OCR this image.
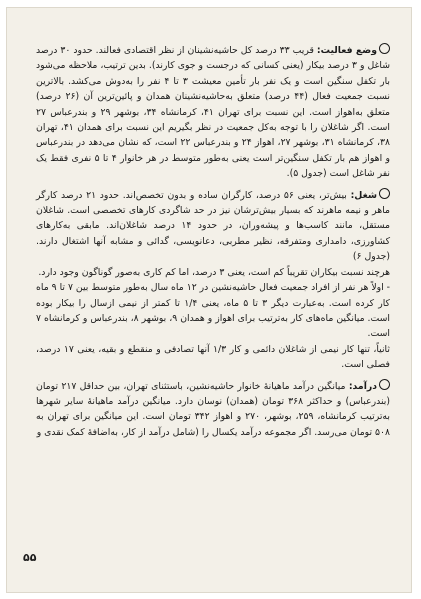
وضع فعالیت: قریب ۳۳ درصد کل حاشیه‌نشینان از نظر اقتصادی فعالند. حدود ۳۰ درصد شاغل و ۳ درصد بیکار (یعنی کسانی که درجست و جوی کارند). بدین ترتیب، ملاحظه می‌شود بار تکفل سنگین است و یک نفر بار تأمین معیشت ۳ تا ۴ نفر را به‌دوش می‌کشد. بالاترین نسبت جمعیت فعال (۴۴ درصد) متعلق به‌حاشیه‌نشینان همدان و پائین‌ترین آن (۲۶ درصد) متعلق به‌اهواز است. این نسبت برای تهران ۴۱، کرمانشاه ۳۴، بوشهر ۲۹ و بندرعباس ۲۷ است. اگر شاغلان را با توجه به‌کل جمعیت در نظر بگیریم این نسبت برای همدان ۴۱، تهران ۳۸، کرمانشاه ۳۱، بوشهر ۲۷، اهواز ۲۴ و بندرعباس ۲۲ است، که نشان می‌دهد در بندرعباس و اهواز هم بار تکفل سنگین‌تر است یعنی به‌طور متوسط در هر خانوار ۴ تا ۵ نفری فقط یک نفر شاغل است (جدول ۵).

شغل: بیش‌تر، یعنی ۵۶ درصد، کارگران ساده و بدون تخصص‌اند. حدود ۲۱ درصد کارگر ماهر و نیمه ماهرند که بسیار بیش‌ترشان نیز در حد شاگردی کارهای تخصصی است. شاغلان مستقل، مانند کاسب‌ها و پیشه‌وران، در حدود ۱۴ درصد شاغلان‌اند. مابقی به‌کارهای کشاورزی، دامداری ومتفرقه، نظیر مطربی، دعانویسی، گدائی و مشابه آنها اشتغال دارند. (جدول ۶)

هرچند نسبت بیکاران تقریباً کم است، یعنی ۳ درصد، اما کم کاری به‌صور گوناگون وجود دارد.

- اولاً هر نفر از افراد جمعیت فعال حاشیه‌نشین در ۱۲ ماه سال به‌طور متوسط بین ۷ تا ۹ ماه کار کرده است. به‌عبارت دیگر ۳ تا ۵ ماه، یعنی ۱/۴ تا کمتر از نیمی ازسال را بیکار بوده است. میانگین ماه‌های کار به‌ترتیب برای اهواز و همدان ۹، بوشهر ۸، بندرعباس و کرمانشاه ۷ است.

ثانیاً، تنها کار نیمی از شاغلان دائمی و کار ۱/۳ آنها تصادفی و منقطع و بقیه، یعنی ۱۷ درصد، فصلی است.

درآمد: میانگین درآمد ماهیانهٔ خانوار حاشیه‌نشین، باستثنای تهران، بین حداقل ۲۱۷ تومان (بندرعباس) و حداکثر ۳۶۸ تومان (همدان) نوسان دارد. میانگین درآمد ماهیانهٔ سایر شهرها به‌ترتیب کرمانشاه، ۲۵۹، بوشهر، ۲۷۰ و اهواز ۳۴۲ تومان است. این میانگین برای تهران به ۵۰۸ تومان می‌رسد. اگر مجموعه درآمد یکسال را (شامل درآمد از کار، به‌اضافهٔ کمک نقدی و

۵۵
